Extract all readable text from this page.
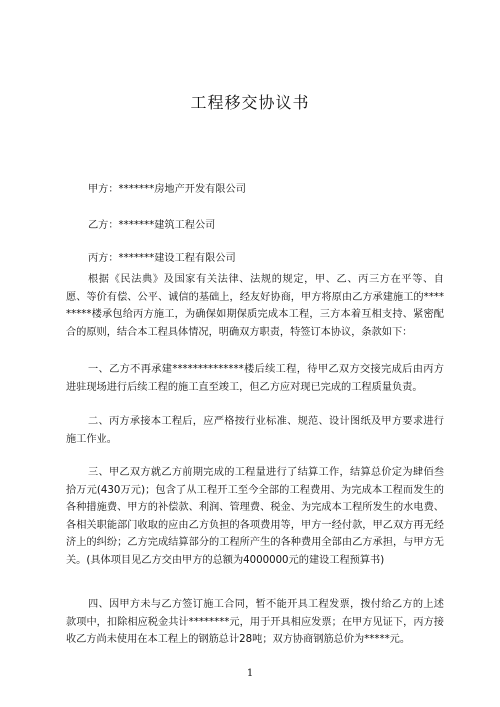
工程移交协议书
甲方：*******房地产开发有限公司
乙方：*******建筑工程公司
丙方：*******建设工程有限公司

根据《民法典》及国家有关法律、法规的规定，甲、乙、丙三方在平等、自愿、等价有偿、公平、诚信的基础上，经友好协商，甲方将原由乙方承建施工的*********楼承包给丙方施工，为确保如期保质完成本工程，三方本着互相支持、紧密配合的原则，结合本工程具体情况，明确双方职责，特签订本协议，条款如下：

一、乙方不再承建**************楼后续工程，待甲乙双方交接完成后由丙方进驻现场进行后续工程的施工直至竣工，但乙方应对现已完成的工程质量负责。

二、丙方承接本工程后，应严格按行业标准、规范、设计图纸及甲方要求进行施工作业。

三、甲乙双方就乙方前期完成的工程量进行了结算工作，结算总价定为肆佰叁拾万元(430万元)；包含了从工程开工至今全部的工程费用、为完成本工程而发生的各种措施费、甲方的补偿款、利润、管理费、税金、为完成本工程所发生的水电费、各相关职能部门收取的应由乙方负担的各项费用等，甲方一经付款，甲乙双方再无经济上的纠纷；乙方完成结算部分的工程所产生的各种费用全部由乙方承担，与甲方无关。(具体项目见乙方交由甲方的总额为4000000元的建设工程预算书)

四、因甲方未与乙方签订施工合同，暂不能开具工程发票，拨付给乙方的上述款项中，扣除相应税金共计********元，用于开具相应发票；在甲方见证下，丙方接收乙方尚未使用在本工程上的钢筋总计28吨；双方协商钢筋总价为*****元。

1
